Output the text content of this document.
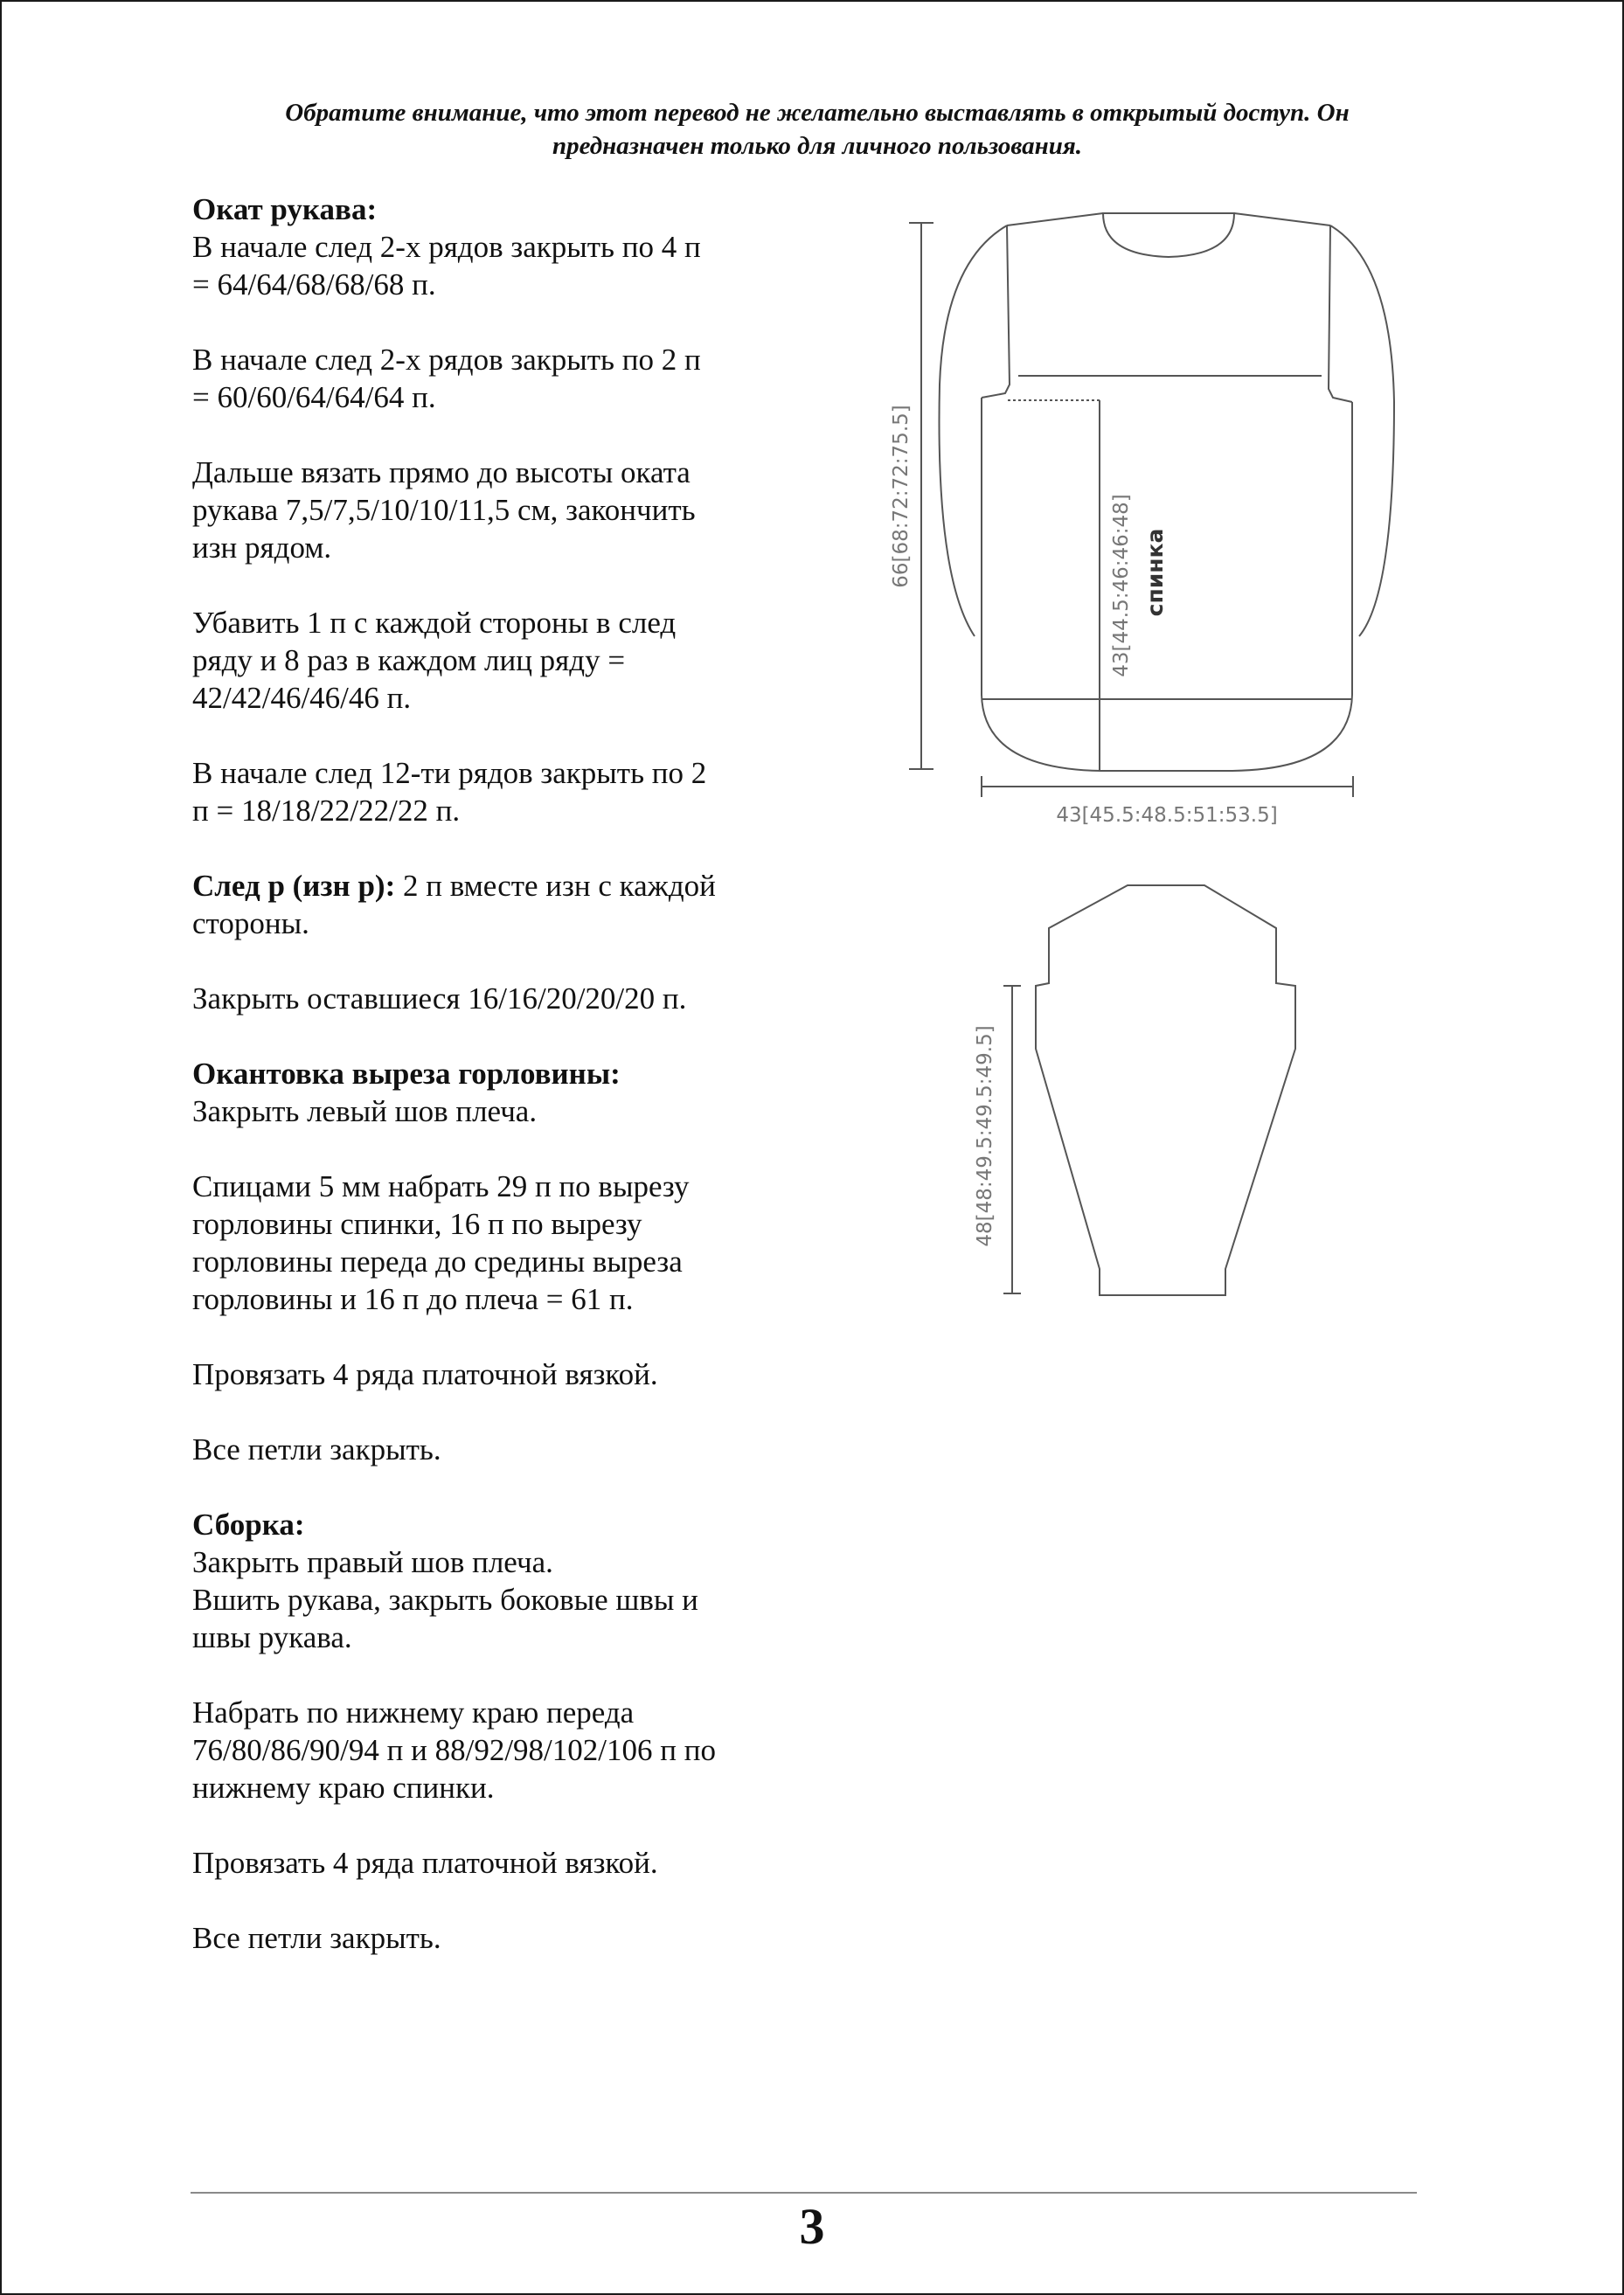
Обратите внимание, что этот перевод не желательно выставлять в открытый доступ. Он
предназначен только для личного пользования.

Окат рукава:
В начале след 2-х рядов закрыть по 4 п
= 64/64/68/68/68 п.

В начале след 2-х рядов закрыть по 2 п
= 60/60/64/64/64 п.

Дальше вязать прямо до высоты оката
рукава 7,5/7,5/10/10/11,5 см, закончить
изн рядом.

Убавить 1 п с каждой стороны в след
ряду и 8 раз в каждом лиц ряду =
42/42/46/46/46 п.

В начале след 12-ти рядов закрыть по 2
п = 18/18/22/22/22 п.

След р (изн р): 2 п вместе изн с каждой
стороны.

Закрыть оставшиеся 16/16/20/20/20 п.

Окантовка выреза горловины:
Закрыть левый шов плеча.

Спицами 5 мм набрать 29 п по вырезу
горловины спинки, 16 п по вырезу
горловины переда до средины выреза
горловины и 16 п до плеча = 61 п.

Провязать 4 ряда платочной вязкой.

Все петли закрыть.

Сборка:
Закрыть правый шов плеча.
Вшить рукава, закрыть боковые швы и
швы рукава.

Набрать по нижнему краю переда
76/80/86/90/94 п и 88/92/98/102/106 п по
нижнему краю спинки.

Провязать 4 ряда платочной вязкой.

Все петли закрыть.

66[68:72:72:75.5]	43[44.5:46:46:48] спинка
43[45.5:48.5:51:53.5]
48[48:49.5:49.5:49.5]
3
